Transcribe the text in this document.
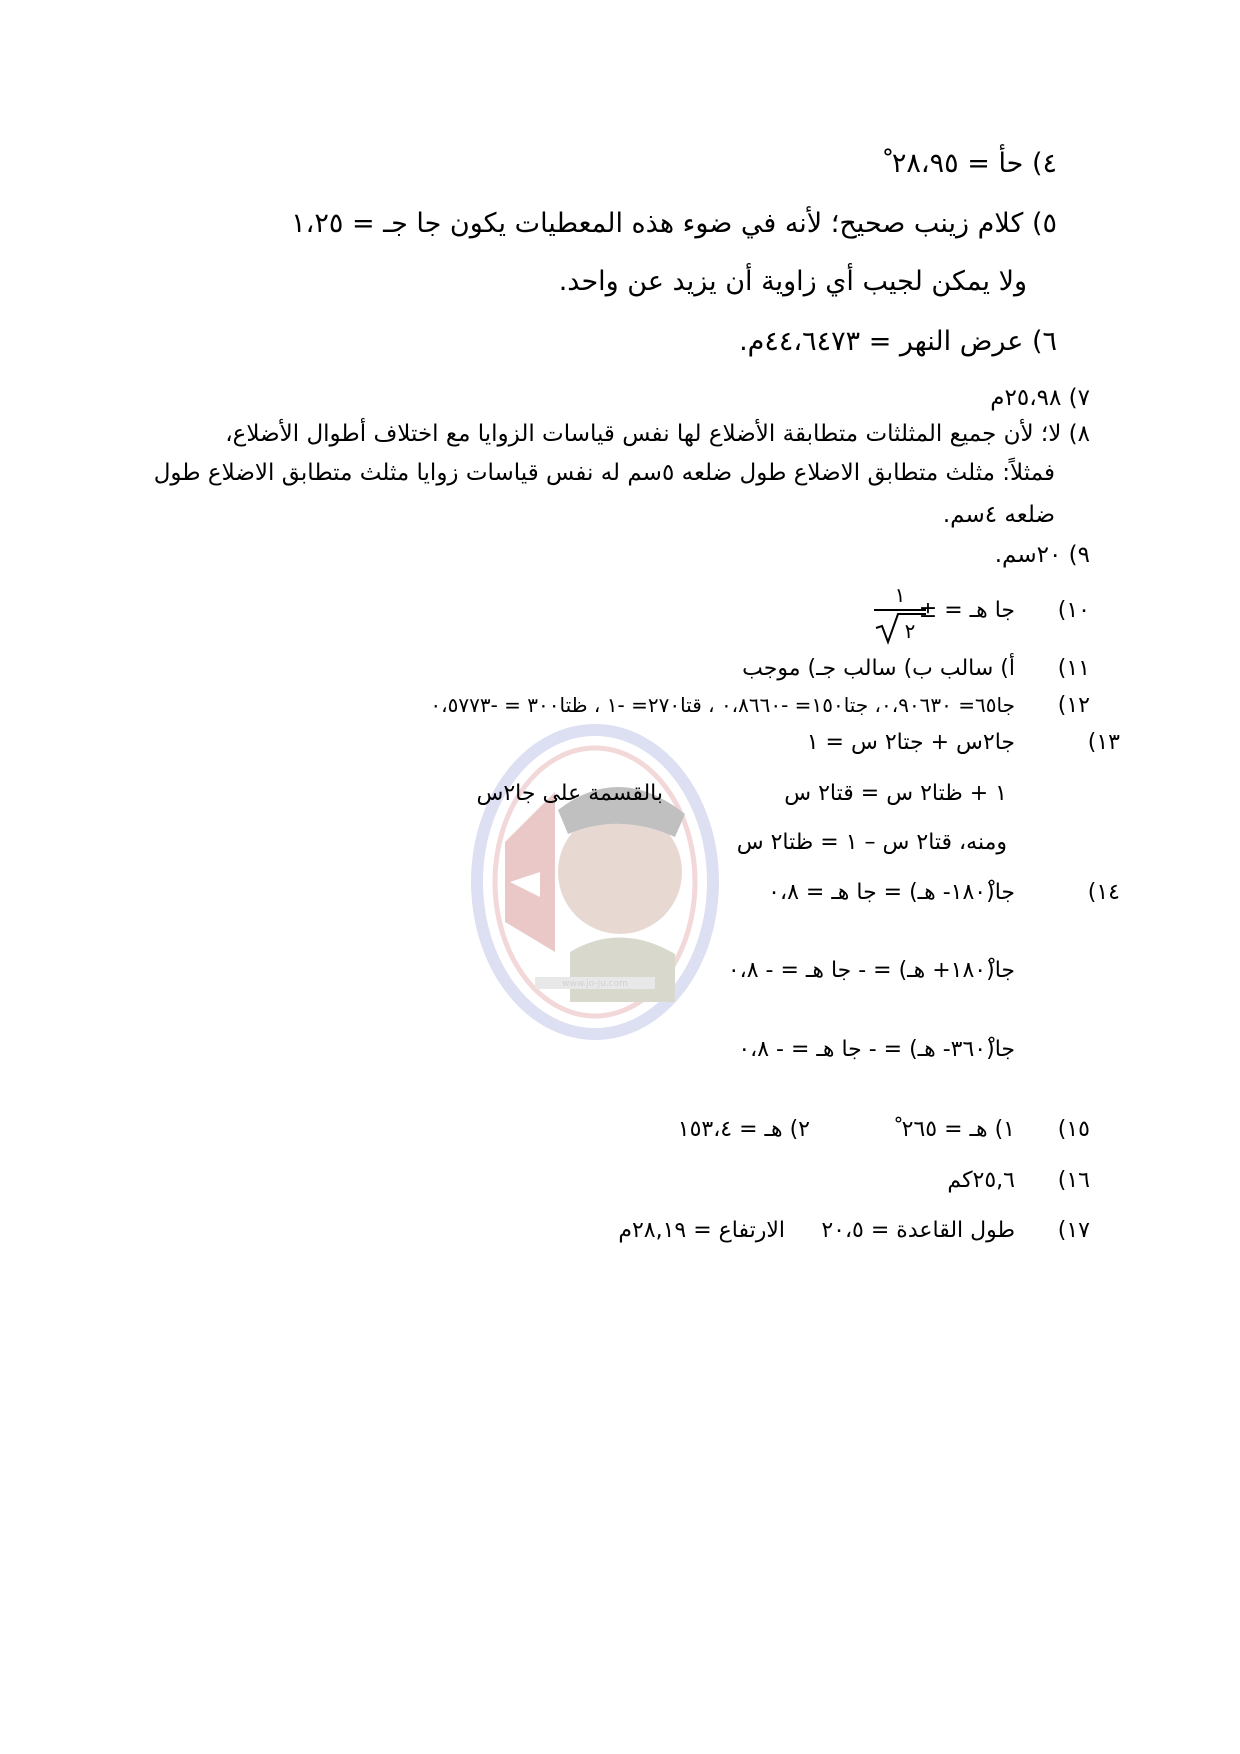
www.jo-ju.com
٤) حأ = ٢٨،٩٥ ْ
٥) كلام زينب صحيح؛ لأنه في ضوء هذه المعطيات يكون جا جـ = ١،٢٥
ولا يمكن لجيب أي زاوية أن يزيد عن واحد.
٦) عرض النهر = ٤٤،٦٤٧٣م.
٧) ٢٥،٩٨م
٨) لا؛ لأن جميع المثلثات متطابقة الأضلاع لها نفس قياسات الزوايا مع اختلاف أطوال الأضلاع،
فمثلاً: مثلث متطابق الاضلاع طول ضلعه ٥سم له نفس قياسات زوايا مثلث متطابق الاضلاع طول
ضلعه ٤سم.
٩) ٢٠سم.
١٠)
جا هـ = ±
١
٢
١١)
أ) سالب ب) سالب جـ) موجب
١٢)
جا٦٥= ٠،٩٠٦٣٠، جتا١٥٠= -٠،٨٦٦٠ ، قتا٢٧٠= -١ ، ظتا٣٠٠ = -٠،٥٧٧٣
١٣)
جا٢س + جتا٢ س = ١
١ + ظتا٢ س = قتا٢ س
بالقسمة على جا٢س
ومنه، قتا٢ س – ١ = ظتا٢ س
١٤)
جا(١٨٠ْ- هـ) = جا هـ = ٠،٨
جا(١٨٠ْ+ هـ) = - جا هـ = - ٠،٨
جا(٣٦٠ْ- هـ) = - جا هـ = - ٠،٨
١٥)
١) هـ = ٢٦٥ ْ
٢) هـ = ١٥٣،٤
١٦)
٢٥,٦كم
١٧)
طول القاعدة = ٢٠،٥
الارتفاع = ٢٨,١٩م
